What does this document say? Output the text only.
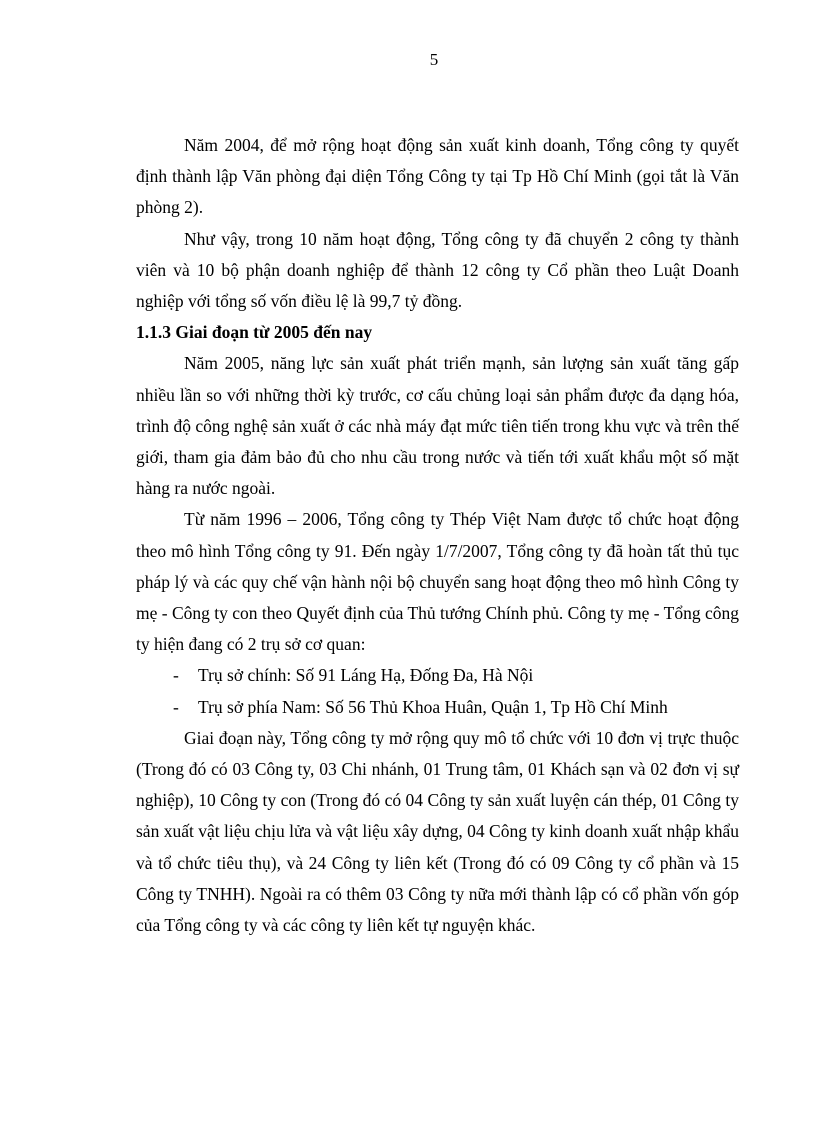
5

Năm 2004, để mở rộng hoạt động sản xuất kinh doanh, Tổng công ty quyết định thành lập Văn phòng đại diện Tổng Công ty tại Tp Hồ Chí Minh (gọi tắt là Văn phòng 2).

Như vậy, trong 10 năm hoạt động, Tổng công ty đã chuyển 2 công ty thành viên và 10 bộ phận doanh nghiệp để thành 12 công ty Cổ phần theo Luật Doanh nghiệp với tổng số vốn điều lệ là 99,7 tỷ đồng.

1.1.3 Giai đoạn từ 2005 đến nay

Năm 2005, năng lực sản xuất phát triển mạnh, sản lượng sản xuất tăng gấp nhiều lần so với những thời kỳ trước, cơ cấu chủng loại sản phẩm được đa dạng hóa, trình độ công nghệ sản xuất ở các nhà máy đạt mức tiên tiến trong khu vực và trên thế giới, tham gia đảm bảo đủ cho nhu cầu trong nước và tiến tới xuất khẩu một số mặt hàng ra nước ngoài.

Từ năm 1996 – 2006, Tổng công ty Thép Việt Nam được tổ chức hoạt động theo mô hình Tổng công ty 91. Đến ngày 1/7/2007, Tổng công ty đã hoàn tất thủ tục pháp lý và các quy chế vận hành nội bộ chuyển sang hoạt động theo mô hình Công ty mẹ - Công ty con theo Quyết định của Thủ tướng Chính phủ. Công ty mẹ - Tổng công ty hiện đang có 2 trụ sở cơ quan:

- Trụ sở chính: Số 91 Láng Hạ, Đống Đa, Hà Nội
- Trụ sở phía Nam: Số 56 Thủ Khoa Huân, Quận 1, Tp Hồ Chí Minh

Giai đoạn này, Tổng công ty mở rộng quy mô tổ chức với 10 đơn vị trực thuộc (Trong đó có 03 Công ty, 03 Chi nhánh, 01 Trung tâm, 01 Khách sạn và 02 đơn vị sự nghiệp), 10 Công ty con (Trong đó có 04 Công ty sản xuất luyện cán thép, 01 Công ty sản xuất vật liệu chịu lửa và vật liệu xây dựng, 04 Công ty kinh doanh xuất nhập khẩu và tổ chức tiêu thụ), và 24 Công ty liên kết (Trong đó có 09 Công ty cổ phần và 15 Công ty TNHH). Ngoài ra có thêm 03 Công ty nữa mới thành lập có cổ phần vốn góp của Tổng công ty và các công ty liên kết tự nguyện khác.
